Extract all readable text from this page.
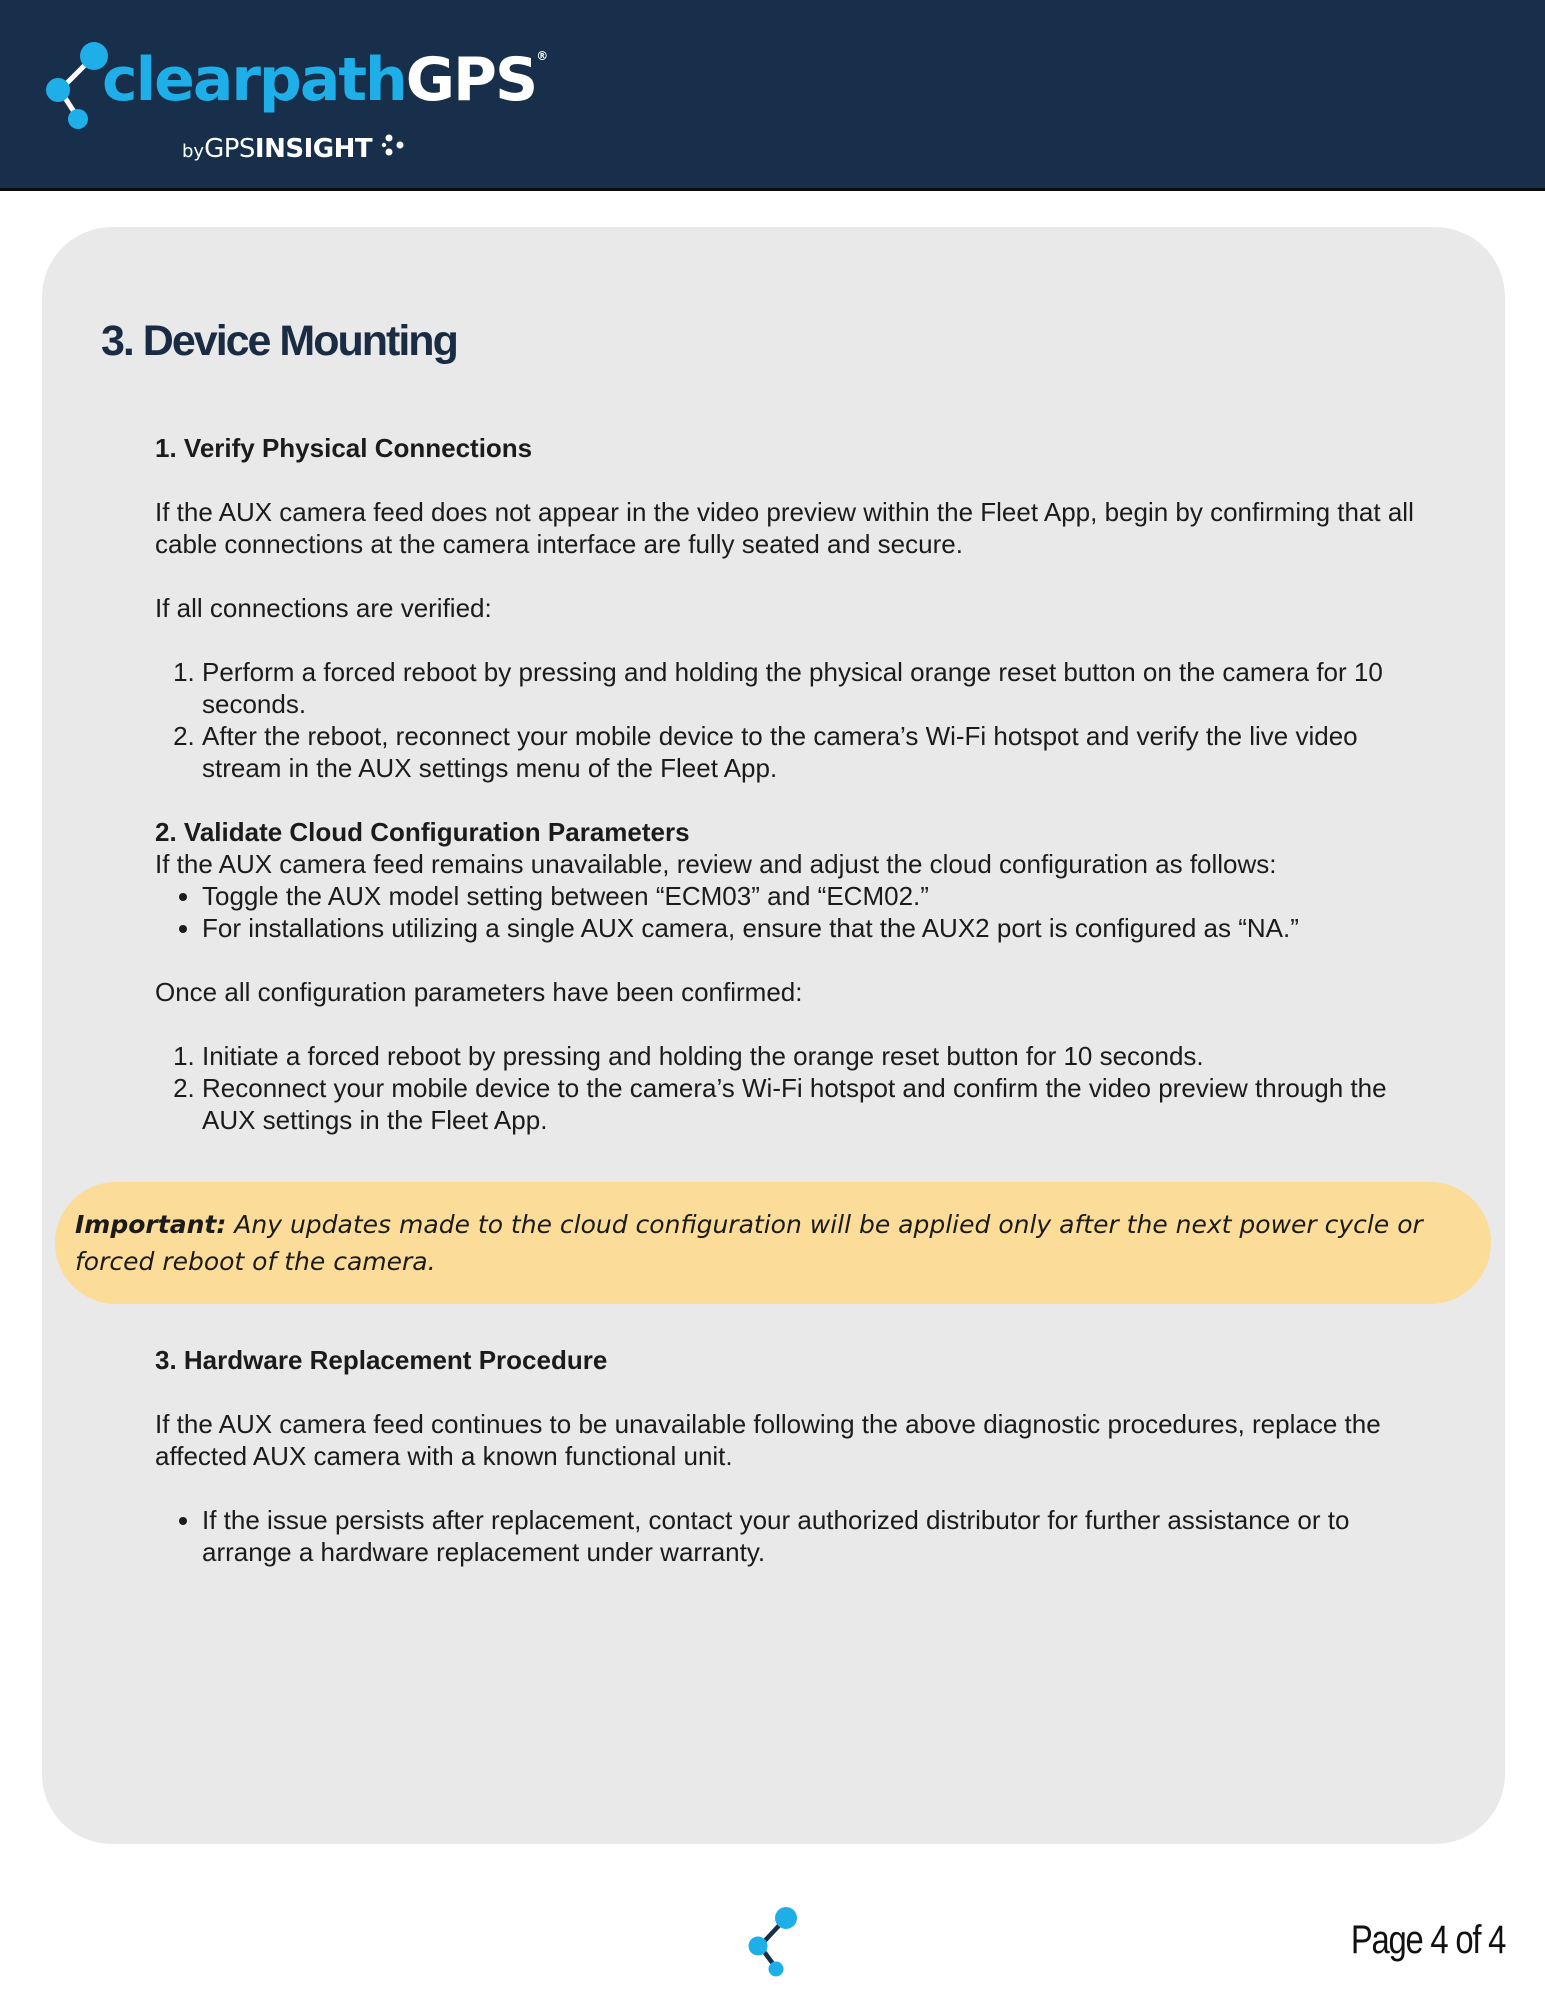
clearpathGPS®
byGPSINSIGHT
3. Device Mounting

1. Verify Physical Connections

If the AUX camera feed does not appear in the video preview within the Fleet App, begin by confirming that all cable connections at the camera interface are fully seated and secure.

If all connections are verified:

1. Perform a forced reboot by pressing and holding the physical orange reset button on the camera for 10 seconds.
2. After the reboot, reconnect your mobile device to the camera’s Wi-Fi hotspot and verify the live video stream in the AUX settings menu of the Fleet App.

2. Validate Cloud Configuration Parameters

If the AUX camera feed remains unavailable, review and adjust the cloud configuration as follows:

• Toggle the AUX model setting between “ECM03” and “ECM02.”
• For installations utilizing a single AUX camera, ensure that the AUX2 port is configured as “NA.”

Once all configuration parameters have been confirmed:

1. Initiate a forced reboot by pressing and holding the orange reset button for 10 seconds.
2. Reconnect your mobile device to the camera’s Wi-Fi hotspot and confirm the video preview through the AUX settings in the Fleet App.
Important: Any updates made to the cloud configuration will be applied only after the next power cycle or forced reboot of the camera.

3. Hardware Replacement Procedure

If the AUX camera feed continues to be unavailable following the above diagnostic procedures, replace the affected AUX camera with a known functional unit.

• If the issue persists after replacement, contact your authorized distributor for further assistance or to arrange a hardware replacement under warranty.

Page 4 of 4
